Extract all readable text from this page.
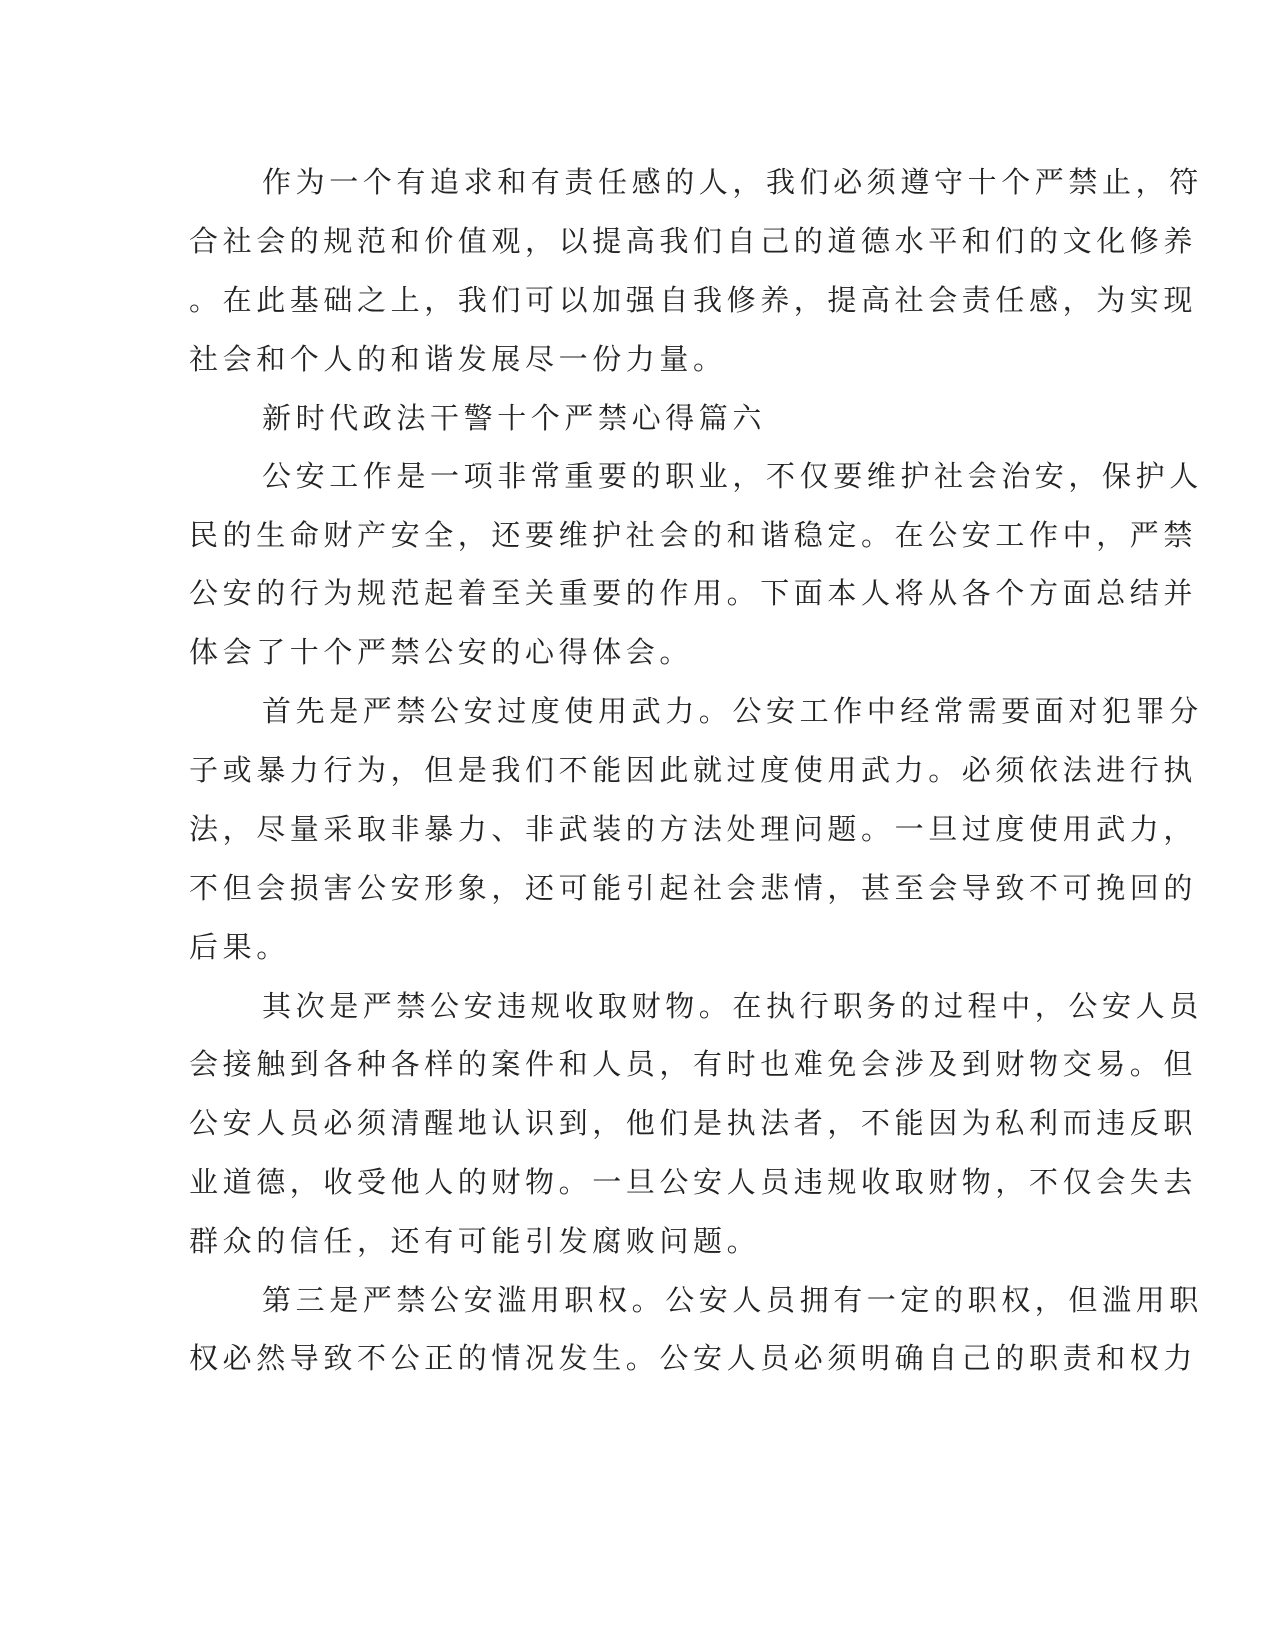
作为一个有追求和有责任感的人，我们必须遵守十个严禁止，符

合社会的规范和价值观，以提高我们自己的道德水平和们的文化修养

。在此基础之上，我们可以加强自我修养，提高社会责任感，为实现

社会和个人的和谐发展尽一份力量。

新时代政法干警十个严禁心得篇六

公安工作是一项非常重要的职业，不仅要维护社会治安，保护人

民的生命财产安全，还要维护社会的和谐稳定。在公安工作中，严禁

公安的行为规范起着至关重要的作用。下面本人将从各个方面总结并

体会了十个严禁公安的心得体会。

首先是严禁公安过度使用武力。公安工作中经常需要面对犯罪分

子或暴力行为，但是我们不能因此就过度使用武力。必须依法进行执

法，尽量采取非暴力、非武装的方法处理问题。一旦过度使用武力，

不但会损害公安形象，还可能引起社会悲情，甚至会导致不可挽回的

后果。

其次是严禁公安违规收取财物。在执行职务的过程中，公安人员

会接触到各种各样的案件和人员，有时也难免会涉及到财物交易。但

公安人员必须清醒地认识到，他们是执法者，不能因为私利而违反职

业道德，收受他人的财物。一旦公安人员违规收取财物，不仅会失去

群众的信任，还有可能引发腐败问题。

第三是严禁公安滥用职权。公安人员拥有一定的职权，但滥用职

权必然导致不公正的情况发生。公安人员必须明确自己的职责和权力
